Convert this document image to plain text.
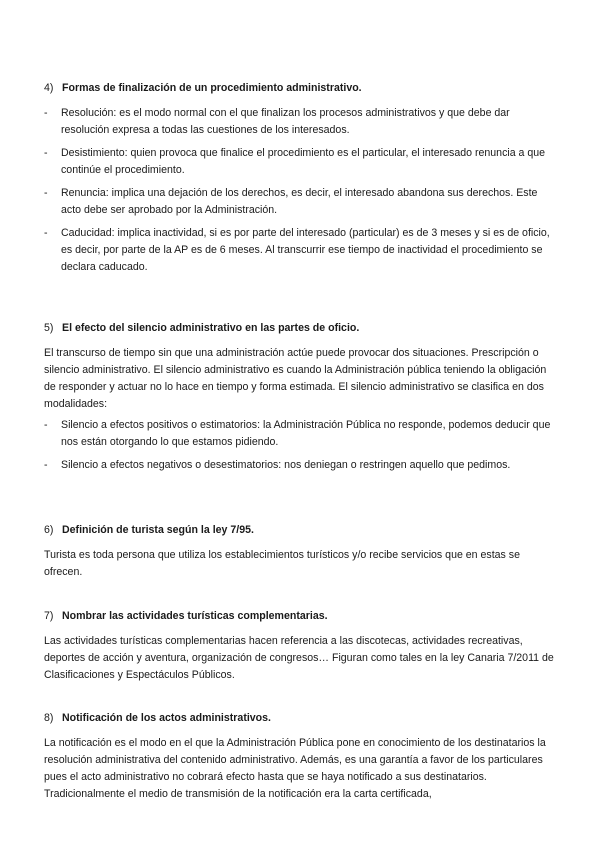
4) Formas de finalización de un procedimiento administrativo.
-	Resolución: es el modo normal con el que finalizan los procesos administrativos y que debe dar resolución expresa a todas las cuestiones de los interesados.
-	Desistimiento: quien provoca que finalice el procedimiento es el particular, el interesado renuncia a que continúe el procedimiento.
-	Renuncia: implica una dejación de los derechos, es decir, el interesado abandona sus derechos. Este acto debe ser aprobado por la Administración.
-	Caducidad: implica inactividad, si es por parte del interesado (particular) es de 3 meses y si es de oficio, es decir, por parte de la AP es de 6 meses. Al transcurrir ese tiempo de inactividad el procedimiento se declara caducado.
5) El efecto del silencio administrativo en las partes de oficio.

El transcurso de tiempo sin que una administración actúe puede provocar dos situaciones. Prescripción o silencio administrativo. El silencio administrativo es cuando la Administración pública teniendo la obligación de responder y actuar no lo hace en tiempo y forma estimada. El silencio administrativo se clasifica en dos modalidades:

-	Silencio a efectos positivos o estimatorios: la Administración Pública no responde, podemos deducir que nos están otorgando lo que estamos pidiendo.
-	Silencio a efectos negativos o desestimatorios: nos deniegan o restringen aquello que pedimos.
6) Definición de turista según la ley 7/95.

Turista es toda persona que utiliza los establecimientos turísticos y/o recibe servicios que en estas se ofrecen.

7) Nombrar las actividades turísticas complementarias.

Las actividades turísticas complementarias hacen referencia a las discotecas, actividades recreativas, deportes de acción y aventura, organización de congresos… Figuran como tales en la ley Canaria 7/2011 de Clasificaciones y Espectáculos Públicos.

8) Notificación de los actos administrativos.

La notificación es el modo en el que la Administración Pública pone en conocimiento de los destinatarios la resolución administrativa del contenido administrativo. Además, es una garantía a favor de los particulares pues el acto administrativo no cobrará efecto hasta que se haya notificado a sus destinatarios. Tradicionalmente el medio de transmisión de la notificación era la carta certificada,
